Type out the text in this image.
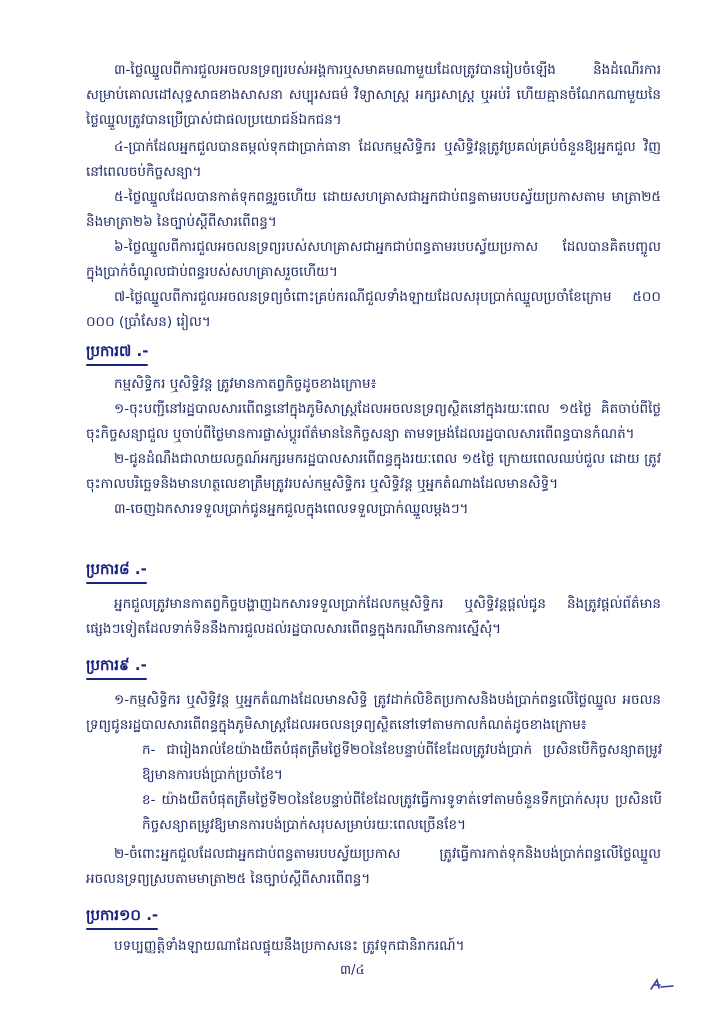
៣-ថ្លៃឈ្នួលពីការជួលអចលនទ្រព្យរបស់អង្គការឬសមាគមណាមួយដែលត្រូវបានរៀបចំឡើង និងដំណើរការ សម្រាប់គោលដៅសុទ្ធសាធខាងសាសនា សប្បុរសធម៌ វិទ្យាសាស្ត្រ អក្សរសាស្ត្រ ឬអប់រំ ហើយគ្មានចំណែកណាមួយនៃ ថ្លៃឈ្នួលត្រូវបានប្រើប្រាស់ជាផលប្រយោជន៍ឯកជន។
៤-ប្រាក់ដែលអ្នកជួលបានតម្កល់ទុកជាប្រាក់ធានា ដែលកម្មសិទ្ធិករ ឬសិទ្ធិវន្តត្រូវប្រគល់គ្រប់ចំនួនឱ្យអ្នកជួល វិញនៅពេលចប់កិច្ចសន្យា។
៥-ថ្លៃឈ្នួលដែលបានកាត់ទុកពន្ធរួចហើយ ដោយសហគ្រាសជាអ្នកជាប់ពន្ធតាមរបបស្វ័យប្រកាសតាម មាត្រា២៥ និងមាត្រា២៦ នៃច្បាប់ស្តីពីសារពើពន្ធ។
៦-ថ្លៃឈ្នួលពីការជួលអចលនទ្រព្យរបស់សហគ្រាសជាអ្នកជាប់ពន្ធតាមរបបស្វ័យប្រកាស ដែលបានគិតបញ្ចូល ក្នុងប្រាក់ចំណូលជាប់ពន្ធរបស់សហគ្រាសរួចហើយ។
៧-ថ្លៃឈ្នួលពីការជួលអចលនទ្រព្យចំពោះគ្រប់ករណីជួលទាំងឡាយដែលសរុបប្រាក់ឈ្នួលប្រចាំខែក្រោម ៥០០ ០០០ (ប្រាំសែន) រៀល។
ប្រការ៧ .-
កម្មសិទ្ធិករ ឬសិទ្ធិវន្ត ត្រូវមានកាតព្វកិច្ចដូចខាងក្រោម៖
១-ចុះបញ្ជីនៅរដ្ឋបាលសារពើពន្ធនៅក្នុងភូមិសាស្ត្រដែលអចលនទ្រព្យស្ថិតនៅក្នុងរយៈពេល ១៥ថ្ងៃ គិតចាប់ពីថ្ងៃ ចុះកិច្ចសន្យាជួល ឬចាប់ពីថ្ងៃមានការផ្លាស់ប្តូរព័ត៌មាននៃកិច្ចសន្យា តាមទម្រង់ដែលរដ្ឋបាលសារពើពន្ធបានកំណត់។
២-ជូនដំណឹងជាលាយលក្ខណ៍អក្សរមករដ្ឋបាលសារពើពន្ធក្នុងរយៈពេល ១៥ថ្ងៃ ក្រោយពេលឈប់ជួល ដោយ ត្រូវចុះកាលបរិច្ឆេទនិងមានហត្ថលេខាត្រឹមត្រូវរបស់កម្មសិទ្ធិករ ឬសិទ្ធិវន្ត ឬអ្នកតំណាងដែលមានសិទ្ធិ។
៣-ចេញឯកសារទទួលប្រាក់ជូនអ្នកជួលក្នុងពេលទទួលប្រាក់ឈ្នួលម្តងៗ។
ប្រការ៨ .-
អ្នកជួលត្រូវមានកាតព្វកិច្ចបង្ហាញឯកសារទទួលប្រាក់ដែលកម្មសិទ្ធិករ ឬសិទ្ធិវន្តផ្តល់ជូន និងត្រូវផ្តល់ព័ត៌មាន ផ្សេងៗទៀតដែលទាក់ទិននឹងការជួលដល់រដ្ឋបាលសារពើពន្ធក្នុងករណីមានការស្នើសុំ។
ប្រការ៩ .-
១-កម្មសិទ្ធិករ ឬសិទ្ធិវន្ត ឬអ្នកតំណាងដែលមានសិទ្ធិ ត្រូវដាក់លិខិតប្រកាសនិងបង់ប្រាក់ពន្ធលើថ្លៃឈ្នួល អចលនទ្រព្យជូនរដ្ឋបាលសារពើពន្ធក្នុងភូមិសាស្ត្រដែលអចលនទ្រព្យស្ថិតនៅទៅតាមកាលកំណត់ដូចខាងក្រោម៖
ក- ជារៀងរាល់ខែយ៉ាងយឺតបំផុតត្រឹមថ្ងៃទី២០នៃខែបន្ទាប់ពីខែដែលត្រូវបង់ប្រាក់ ប្រសិនបើកិច្ចសន្យាតម្រូវ ឱ្យមានការបង់ប្រាក់ប្រចាំខែ។
ខ- យ៉ាងយឺតបំផុតត្រឹមថ្ងៃទី២០នៃខែបន្ទាប់ពីខែដែលត្រូវធ្វើការទូទាត់ទៅតាមចំនួនទឹកប្រាក់សរុប ប្រសិនបើ កិច្ចសន្យាតម្រូវឱ្យមានការបង់ប្រាក់សរុបសម្រាប់រយៈពេលច្រើនខែ។
២-ចំពោះអ្នកជួលដែលជាអ្នកជាប់ពន្ធតាមរបបស្វ័យប្រកាស ត្រូវធ្វើការកាត់ទុកនិងបង់ប្រាក់ពន្ធលើថ្លៃឈ្នួល អចលនទ្រព្យស្របតាមមាត្រា២៥ នៃច្បាប់ស្តីពីសារពើពន្ធ។
ប្រការ១០ .-
បទប្បញ្ញត្តិទាំងឡាយណាដែលផ្ទុយនឹងប្រកាសនេះ ត្រូវទុកជានិរាករណ៍។
៣/៤
